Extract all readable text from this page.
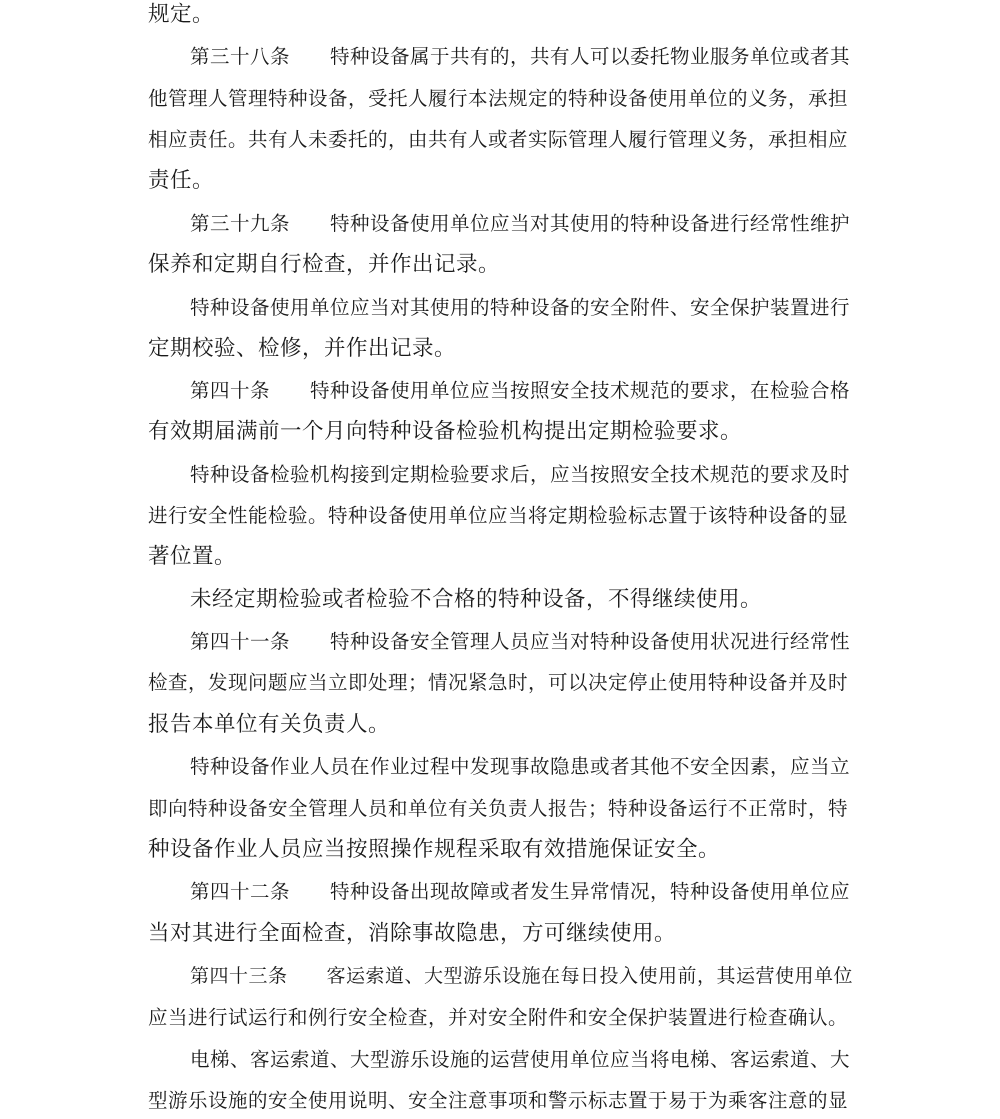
规定。
第三十八条　　特种设备属于共有的，共有人可以委托物业服务单位或者其
他管理人管理特种设备，受托人履行本法规定的特种设备使用单位的义务，承担
相应责任。共有人未委托的，由共有人或者实际管理人履行管理义务，承担相应
责任。
第三十九条　　特种设备使用单位应当对其使用的特种设备进行经常性维护
保养和定期自行检查，并作出记录。
特种设备使用单位应当对其使用的特种设备的安全附件、安全保护装置进行
定期校验、检修，并作出记录。
第四十条　　特种设备使用单位应当按照安全技术规范的要求，在检验合格
有效期届满前一个月向特种设备检验机构提出定期检验要求。
特种设备检验机构接到定期检验要求后，应当按照安全技术规范的要求及时
进行安全性能检验。特种设备使用单位应当将定期检验标志置于该特种设备的显
著位置。
未经定期检验或者检验不合格的特种设备，不得继续使用。
第四十一条　　特种设备安全管理人员应当对特种设备使用状况进行经常性
检查，发现问题应当立即处理；情况紧急时，可以决定停止使用特种设备并及时
报告本单位有关负责人。
特种设备作业人员在作业过程中发现事故隐患或者其他不安全因素，应当立
即向特种设备安全管理人员和单位有关负责人报告；特种设备运行不正常时，特
种设备作业人员应当按照操作规程采取有效措施保证安全。
第四十二条　　特种设备出现故障或者发生异常情况，特种设备使用单位应
当对其进行全面检查，消除事故隐患，方可继续使用。
第四十三条　　客运索道、大型游乐设施在每日投入使用前，其运营使用单位
应当进行试运行和例行安全检查，并对安全附件和安全保护装置进行检查确认。
电梯、客运索道、大型游乐设施的运营使用单位应当将电梯、客运索道、大
型游乐设施的安全使用说明、安全注意事项和警示标志置于易于为乘客注意的显
